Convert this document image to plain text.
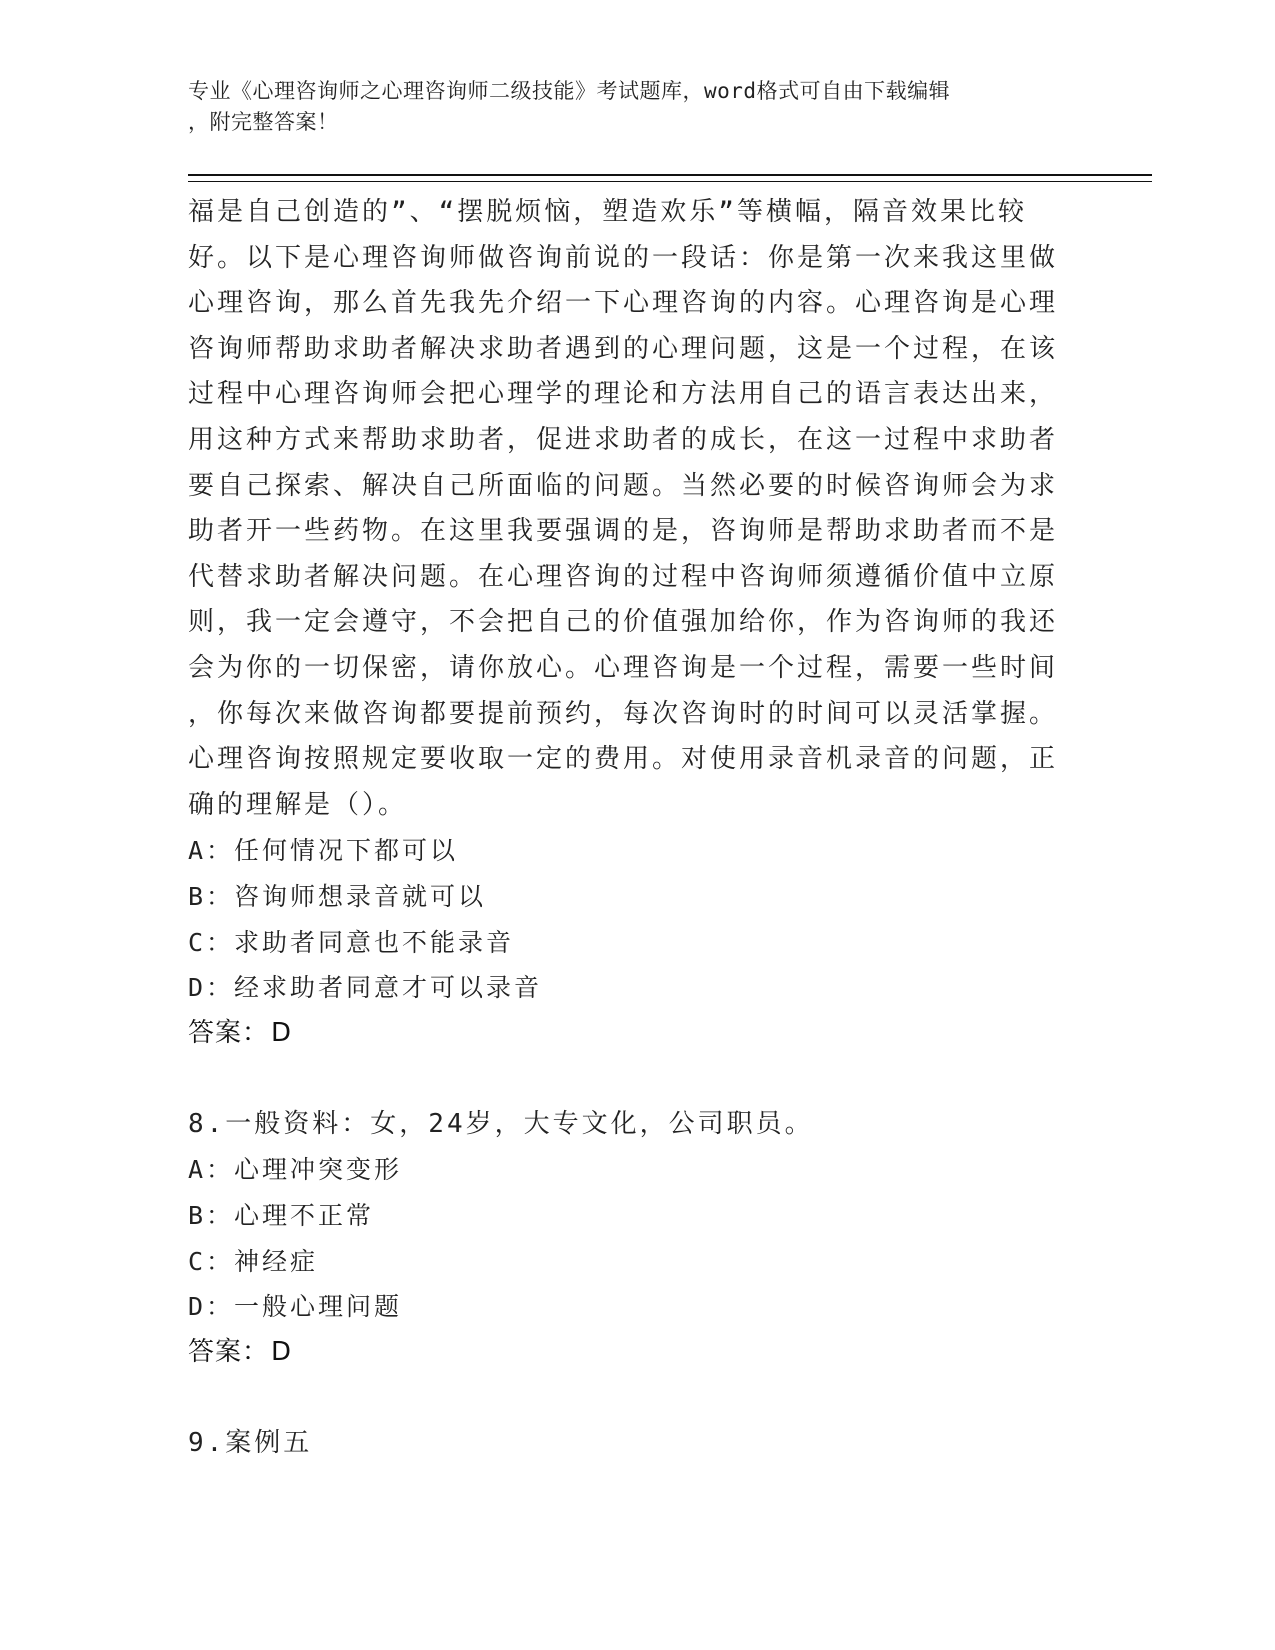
专业《心理咨询师之心理咨询师二级技能》考试题库，word格式可自由下载编辑
，附完整答案！
福是自己创造的”、“摆脱烦恼，塑造欢乐”等横幅，隔音效果比较
好。以下是心理咨询师做咨询前说的一段话：你是第一次来我这里做
心理咨询，那么首先我先介绍一下心理咨询的内容。心理咨询是心理
咨询师帮助求助者解决求助者遇到的心理问题，这是一个过程，在该
过程中心理咨询师会把心理学的理论和方法用自己的语言表达出来，
用这种方式来帮助求助者，促进求助者的成长，在这一过程中求助者
要自己探索、解决自己所面临的问题。当然必要的时候咨询师会为求
助者开一些药物。在这里我要强调的是，咨询师是帮助求助者而不是
代替求助者解决问题。在心理咨询的过程中咨询师须遵循价值中立原
则，我一定会遵守，不会把自己的价值强加给你，作为咨询师的我还
会为你的一切保密，请你放心。心理咨询是一个过程，需要一些时间
，你每次来做咨询都要提前预约，每次咨询时的时间可以灵活掌握。
心理咨询按照规定要收取一定的费用。对使用录音机录音的问题，正
确的理解是（）。
A：任何情况下都可以
B：咨询师想录音就可以
C：求助者同意也不能录音
D：经求助者同意才可以录音
答案：D
8.一般资料：女，24岁，大专文化，公司职员。
A：心理冲突变形
B：心理不正常
C：神经症
D：一般心理问题
答案：D
9.案例五
